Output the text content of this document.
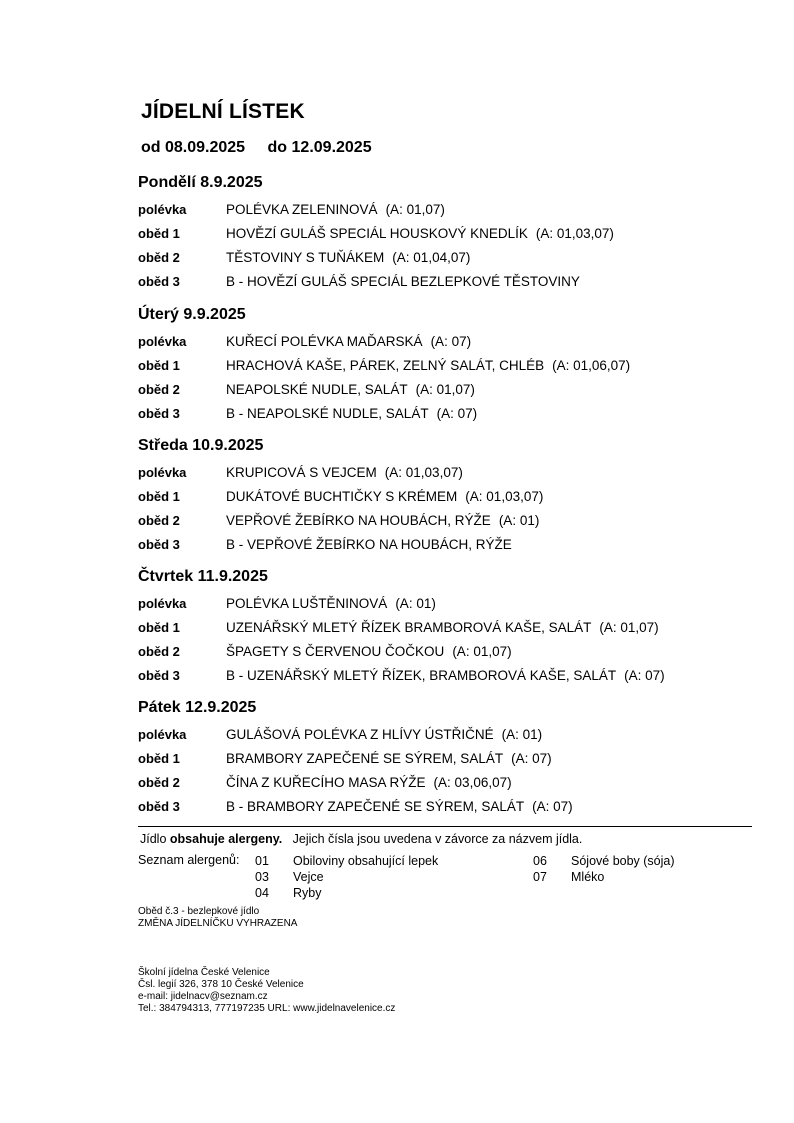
JÍDELNÍ LÍSTEK
od 08.09.2025 do 12.09.2025
Pondělí 8.9.2025
polévka	POLÉVKA ZELENINOVÁ (A: 01,07)
oběd 1	HOVĚZÍ GULÁŠ SPECIÁL HOUSKOVÝ KNEDLÍK (A: 01,03,07)
oběd 2	TĚSTOVINY S TUŇÁKEM (A: 01,04,07)
oběd 3	B - HOVĚZÍ GULÁŠ SPECIÁL BEZLEPKOVÉ TĚSTOVINY
Úterý 9.9.2025
polévka	KUŘECÍ POLÉVKA MAĎARSKÁ (A: 07)
oběd 1	HRACHOVÁ KAŠE, PÁREK, ZELNÝ SALÁT, CHLÉB (A: 01,06,07)
oběd 2	NEAPOLSKÉ NUDLE, SALÁT (A: 01,07)
oběd 3	B - NEAPOLSKÉ NUDLE, SALÁT (A: 07)
Středa 10.9.2025
polévka	KRUPICOVÁ S VEJCEM (A: 01,03,07)
oběd 1	DUKÁTOVÉ BUCHTIČKY S KRÉMEM (A: 01,03,07)
oběd 2	VEPŘOVÉ ŽEBÍRKO NA HOUBÁCH, RÝŽE (A: 01)
oběd 3	B - VEPŘOVÉ ŽEBÍRKO NA HOUBÁCH, RÝŽE
Čtvrtek 11.9.2025
polévka	POLÉVKA LUŠTĚNINOVÁ (A: 01)
oběd 1	UZENÁŘSKÝ MLETÝ ŘÍZEK BRAMBOROVÁ KAŠE, SALÁT (A: 01,07)
oběd 2	ŠPAGETY S ČERVENOU ČOČKOU (A: 01,07)
oběd 3	B - UZENÁŘSKÝ MLETÝ ŘÍZEK, BRAMBOROVÁ KAŠE, SALÁT (A: 07)
Pátek 12.9.2025
polévka	GULÁŠOVÁ POLÉVKA Z HLÍVY ÚSTŘIČNÉ (A: 01)
oběd 1	BRAMBORY ZAPEČENÉ SE SÝREM, SALÁT (A: 07)
oběd 2	ČÍNA Z KUŘECÍHO MASA RÝŽE (A: 03,06,07)
oběd 3	B - BRAMBORY ZAPEČENÉ SE SÝREM, SALÁT (A: 07)
Jídlo obsahuje alergeny. Jejich čísla jsou uvedena v závorce za názvem jídla.
Seznam alergenů: 01 Obiloviny obsahující lepek
03 Vejce
04 Ryby
06 Sójové boby (sója)
07 Mléko
Oběd č.3 - bezlepkové jídlo
ZMĚNA JÍDELNÍČKU VYHRAZENA
Školní jídelna České Velenice
Čsl. legií 326, 378 10 České Velenice
e-mail: jidelnacv@seznam.cz
Tel.: 384794313, 777197235 URL: www.jidelnavelenice.cz
